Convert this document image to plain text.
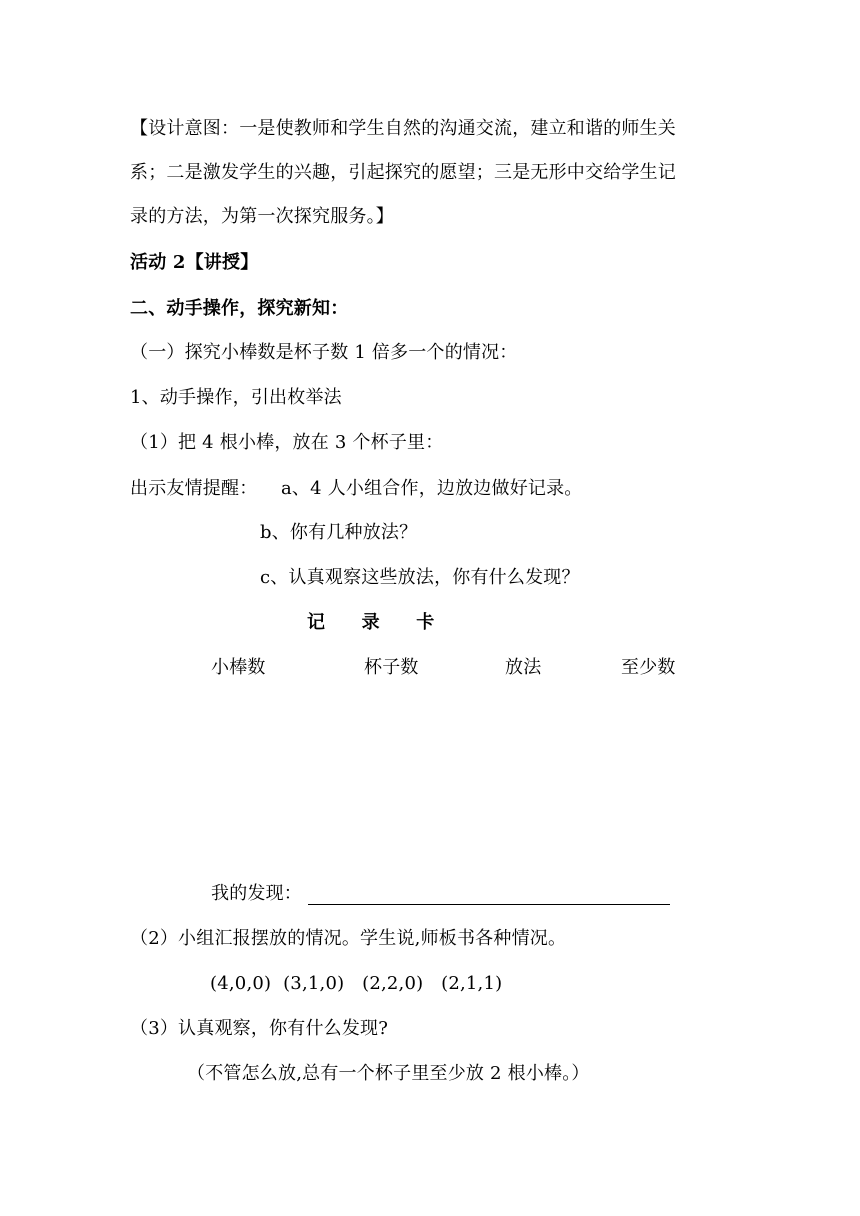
【设计意图：一是使教师和学生自然的沟通交流，建立和谐的师生关
系；二是激发学生的兴趣，引起探究的愿望；三是无形中交给学生记
录的方法，为第一次探究服务。】
活动 2【讲授】
二、动手操作，探究新知：
（一）探究小棒数是杯子数 1 倍多一个的情况：
1、动手操作，引出枚举法
（1）把 4 根小棒，放在 3 个杯子里：
出示友情提醒： a、4 人小组合作，边放边做好记录。
b、你有几种放法？
c、认真观察这些放法，你有什么发现？
记　　录　　卡
小棒数	杯子数	放法	至少数
我的发现：
（2）小组汇报摆放的情况。学生说,师板书各种情况。
(4,0,0)  (3,1,0)   (2,2,0)   (2,1,1)
（3）认真观察，你有什么发现?
（不管怎么放,总有一个杯子里至少放 2 根小棒。）
